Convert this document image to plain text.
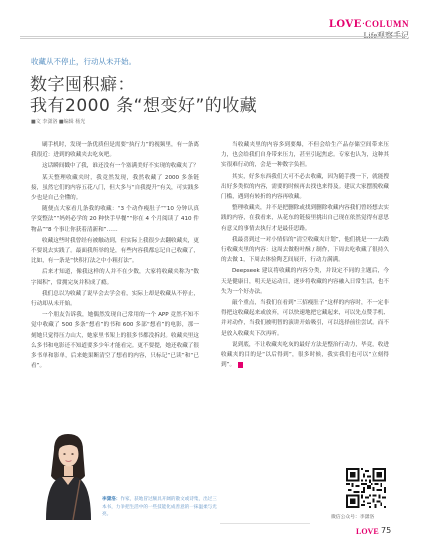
LOVE·COLUMN
Life观察手记
收藏从不停止，行动从未开始。
数字囤积癖：
我有2000 条“想变好”的收藏
■文 李潇洛 ■编辑 杨光

刷手机时，发现一条优质但是需要“执行力”的视频里，有一条离我很近：进到的收藏夹去吃灰吧。

这话瞬间戳中了我，谁还没有一个塞满美好不实现的收藏夹了？

某天整理收藏夹时，我竟然发现，我然收藏了 2000 多条链接，虽然它们的内容五花八门，但大多与“自我提升”有关，可实践多少也是自己全懂的。

随便点大家看几条我的收藏：“3 个动作瘦肚子”“10 分钟认真学变整法”“妈妈必学的 20 种快手早餐”“你在 4 个月阅读了 410 件物品”“8 个事让你获着清新和”……

收藏这些时我曾经有被触动到，但实际上我很少去翻收藏夹，更不要说去实践了。最面我所举的是，有些内容我都忘记自己收藏了，比如，有一条是“快积打法之中小粗打法”。

后来才知道，像我这样的人并不在少数，大家将收藏夹称为“数字囤积”，常拥完灰并积成了瘾。

我们总以为收藏了说早会去学会看，实际上却是收藏从不停止，行动却从未开始。

一个朋友告诉我，她偶然发现自己常用的一个 APP 竟然不知不觉中收藏了 500 多条“想看”的书和 600 多部“想看”的电影，那一刻她只觉得压力山大，她家里书架上的很多书都没拆封。收藏夹里这么多书和电影还不知道要多少年才能看完。更不要提，她还收藏了很多书单和影单，后来她果断清空了想看的内容，只标记“已读”和“已看”。

当收藏夹里的内容多到要爆，不但会给生产品存储空间带来压力，也会给我们自身带来压力，甚至引起焦虑。专家也认为，这种其实很难行动的，会是一种数字负担。

其实，好多东西我们大可不必去收藏，因为随手搜一下，就能搜出好多类似的内容，需要的时候再去找也来得及。建议大家摆脱收藏门槛，遇到有转折的内容再收藏。

整理收藏夹，并不是把删除或找到删除收藏内容我们曾经想去实践的内容，在我看来，从花东的链接里挑出自己现在依然觉得有意思有意义的事情去执行才是最佳思路。

我最喜到过一对小情侣的“清空收藏夹计划”，他们挑是一一去践行收藏夹里的内容：这周去做粉叶酥 / 制作，下周去吃收藏了很持久的去做 1，下周去体验陶艺间展开，行动力满满。

Deepseek 建议将收藏的内容分类，并设定不同的主题后，今天是健康日，明天是运动日，逐步将收藏的内容融入日常生活，也不失为一个好办法。

敲个重点，当我们在看到“三招瘦肚子”这样的内容时，不一定非得把这收藏起来或放弃，可以快速地把它藏起来，可以先点赞手机、并对动作，当我们被明智的演讲开始吸引，可以选择前往尝试。而不是放入收藏夹下次再听。

说到底，不让收藏夹吃灰的最好方法是整治行动力，毕竟，收进收藏夹的目的是“以后得到”，很多时候，我实我们也可以“立刻得到”。

李潇洛：作家，获地冒过颇具开阔的散文或诗集，出过三本书，力争把生活中的一些技能化成善意的一抹温柔与光亮。
微信公众号：李潇洛
LOVE 75
